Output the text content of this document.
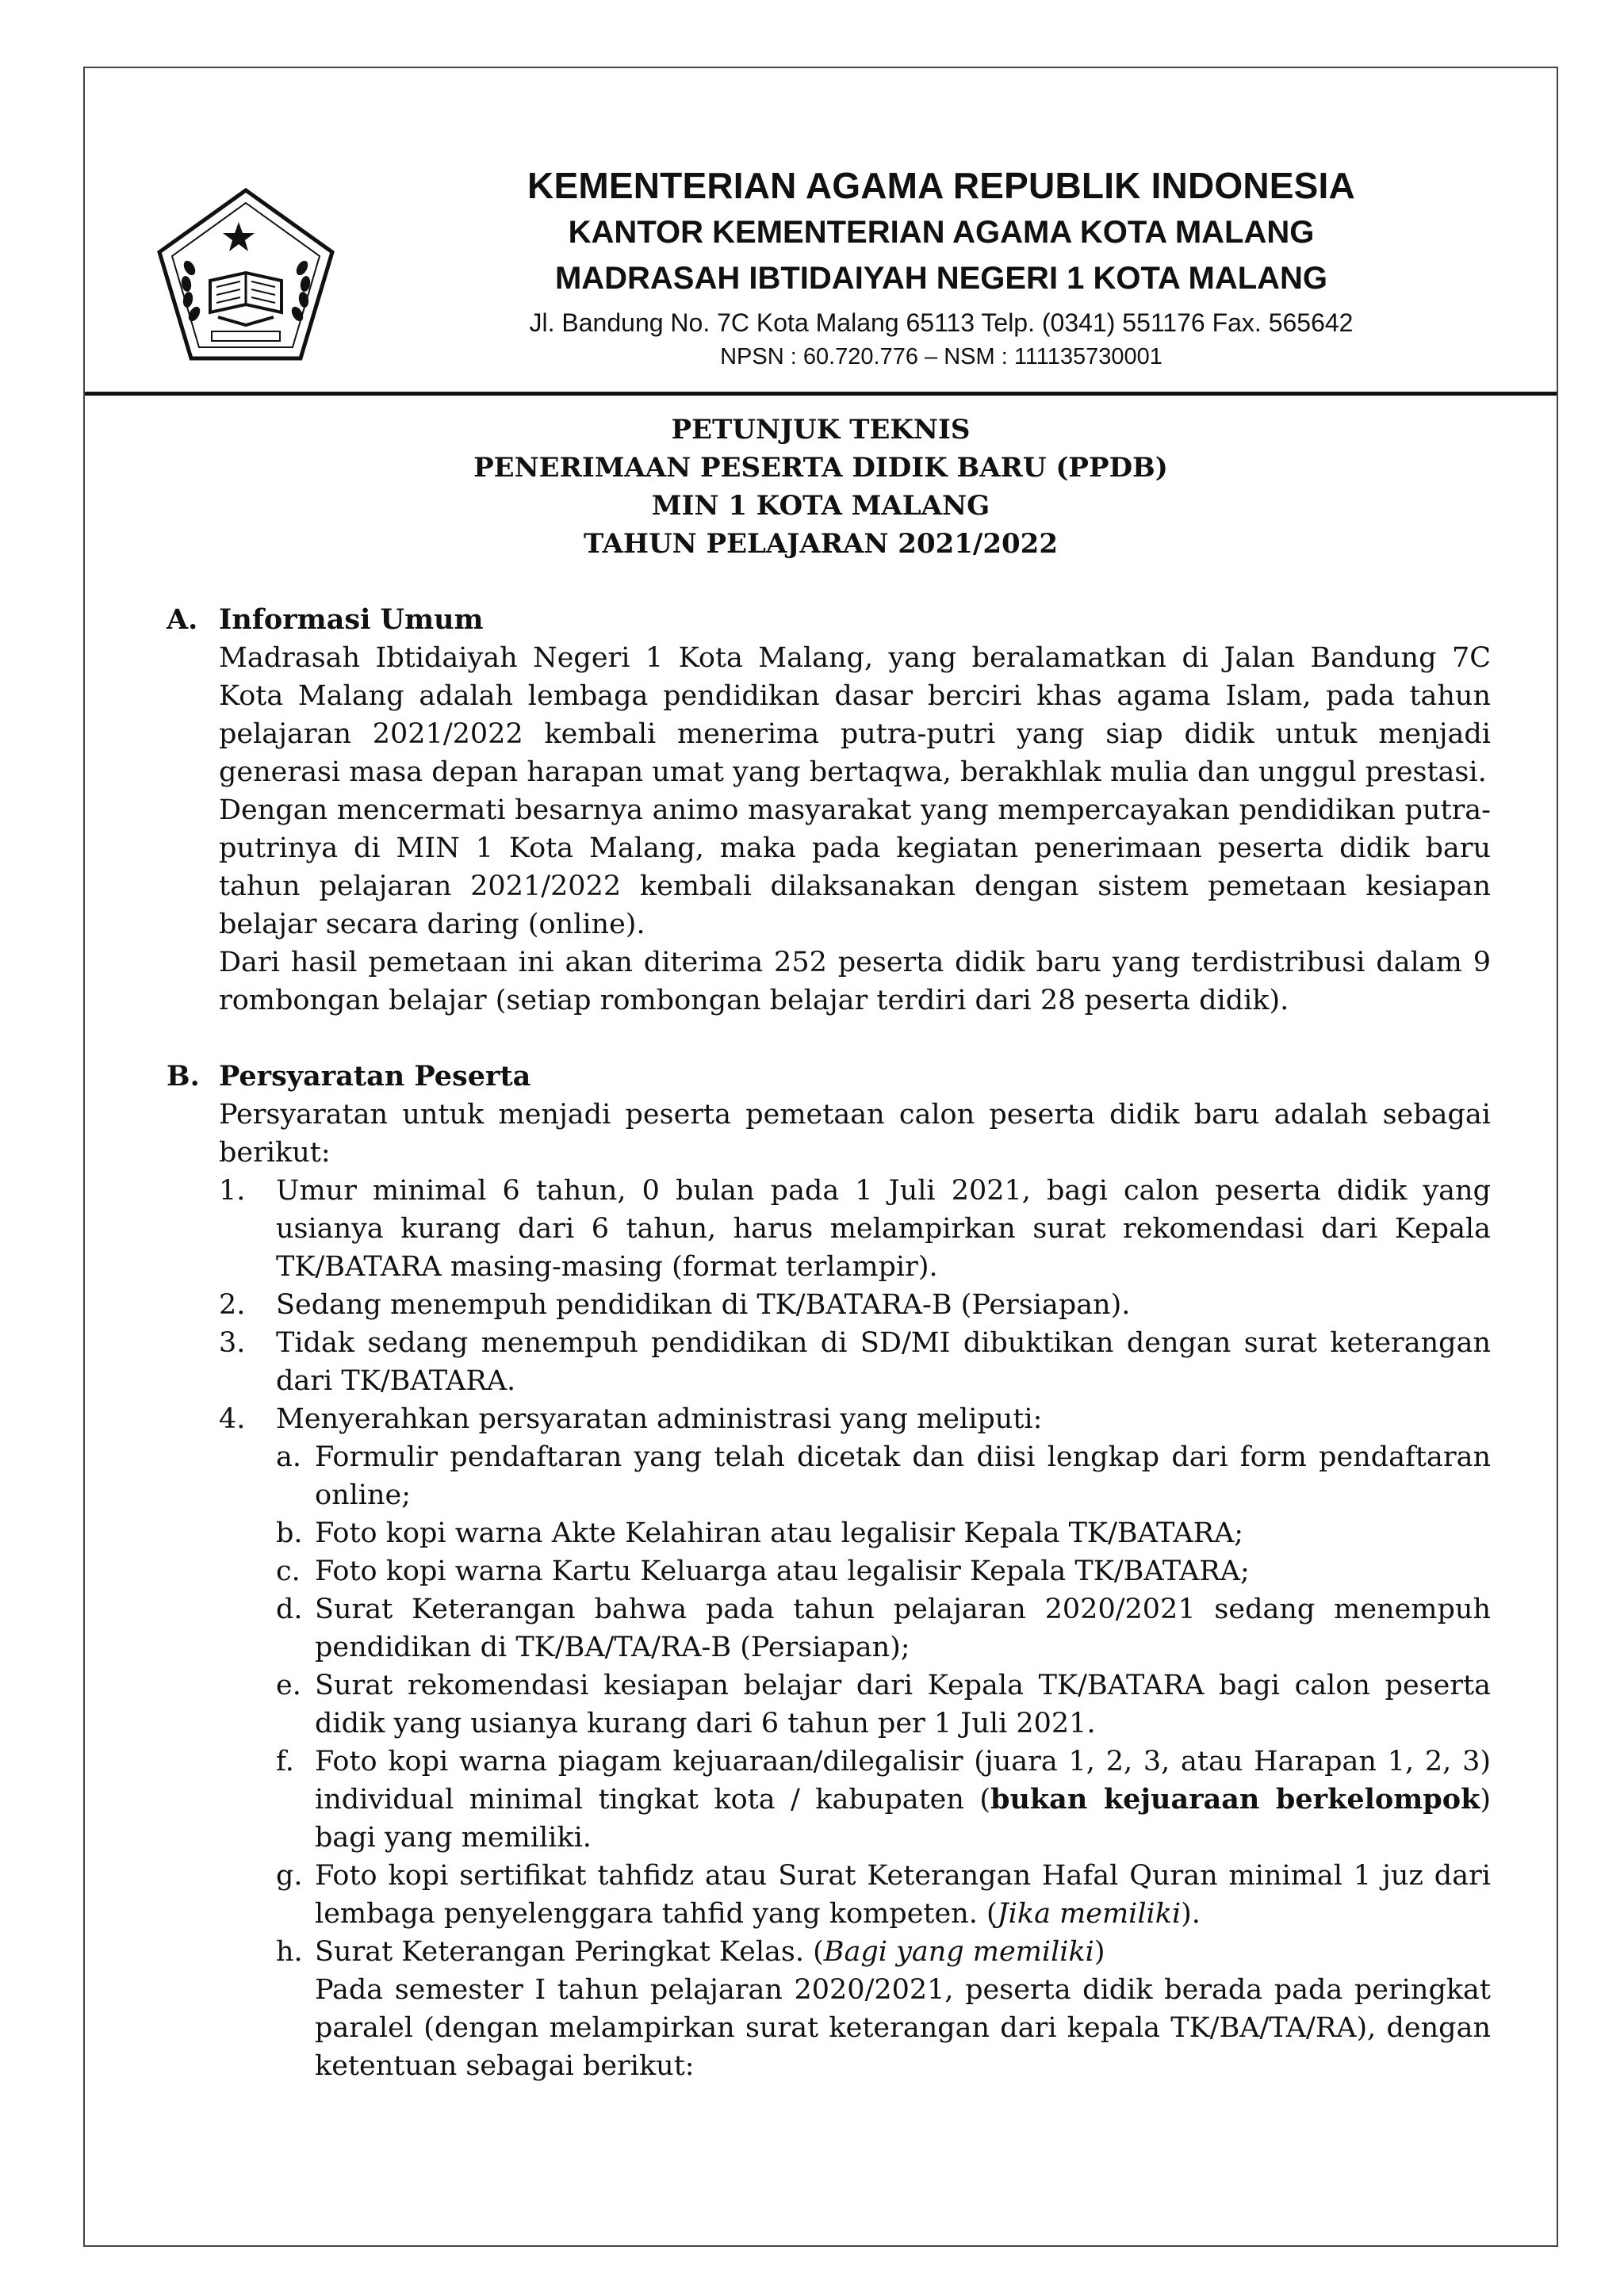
KEMENTERIAN AGAMA REPUBLIK INDONESIA
KANTOR KEMENTERIAN AGAMA KOTA MALANG
MADRASAH IBTIDAIYAH NEGERI 1 KOTA MALANG
Jl. Bandung No. 7C Kota Malang 65113 Telp. (0341) 551176 Fax. 565642
NPSN : 60.720.776 – NSM : 111135730001
PETUNJUK TEKNIS
PENERIMAAN PESERTA DIDIK BARU (PPDB)
MIN 1 KOTA MALANG
TAHUN PELAJARAN 2021/2022
A. Informasi Umum
Madrasah Ibtidaiyah Negeri 1 Kota Malang, yang beralamatkan di Jalan Bandung 7C Kota Malang adalah lembaga pendidikan dasar berciri khas agama Islam, pada tahun pelajaran 2021/2022 kembali menerima putra-putri yang siap didik untuk menjadi generasi masa depan harapan umat yang bertaqwa, berakhlak mulia dan unggul prestasi.
Dengan mencermati besarnya animo masyarakat yang mempercayakan pendidikan putra-putrinya di MIN 1 Kota Malang, maka pada kegiatan penerimaan peserta didik baru tahun pelajaran 2021/2022 kembali dilaksanakan dengan sistem pemetaan kesiapan belajar secara daring (online).
Dari hasil pemetaan ini akan diterima 252 peserta didik baru yang terdistribusi dalam 9 rombongan belajar (setiap rombongan belajar terdiri dari 28 peserta didik).
B. Persyaratan Peserta
Persyaratan untuk menjadi peserta pemetaan calon peserta didik baru adalah sebagai berikut:
1. Umur minimal 6 tahun, 0 bulan pada 1 Juli 2021, bagi calon peserta didik yang usianya kurang dari 6 tahun, harus melampirkan surat rekomendasi dari Kepala TK/BATARA masing-masing (format terlampir).
2. Sedang menempuh pendidikan di TK/BATARA-B (Persiapan).
3. Tidak sedang menempuh pendidikan di SD/MI dibuktikan dengan surat keterangan dari TK/BATARA.
4. Menyerahkan persyaratan administrasi yang meliputi:
a. Formulir pendaftaran yang telah dicetak dan diisi lengkap dari form pendaftaran online;
b. Foto kopi warna Akte Kelahiran atau legalisir Kepala TK/BATARA;
c. Foto kopi warna Kartu Keluarga atau legalisir Kepala TK/BATARA;
d. Surat Keterangan bahwa pada tahun pelajaran 2020/2021 sedang menempuh pendidikan di TK/BA/TA/RA-B (Persiapan);
e. Surat rekomendasi kesiapan belajar dari Kepala TK/BATARA bagi calon peserta didik yang usianya kurang dari 6 tahun per 1 Juli 2021.
f. Foto kopi warna piagam kejuaraan/dilegalisir (juara 1, 2, 3, atau Harapan 1, 2, 3) individual minimal tingkat kota / kabupaten (bukan kejuaraan berkelompok) bagi yang memiliki.
g. Foto kopi sertifikat tahfidz atau Surat Keterangan Hafal Quran minimal 1 juz dari lembaga penyelenggara tahfid yang kompeten. (Jika memiliki).
h. Surat Keterangan Peringkat Kelas. (Bagi yang memiliki)
Pada semester I tahun pelajaran 2020/2021, peserta didik berada pada peringkat paralel (dengan melampirkan surat keterangan dari kepala TK/BA/TA/RA), dengan ketentuan sebagai berikut:
